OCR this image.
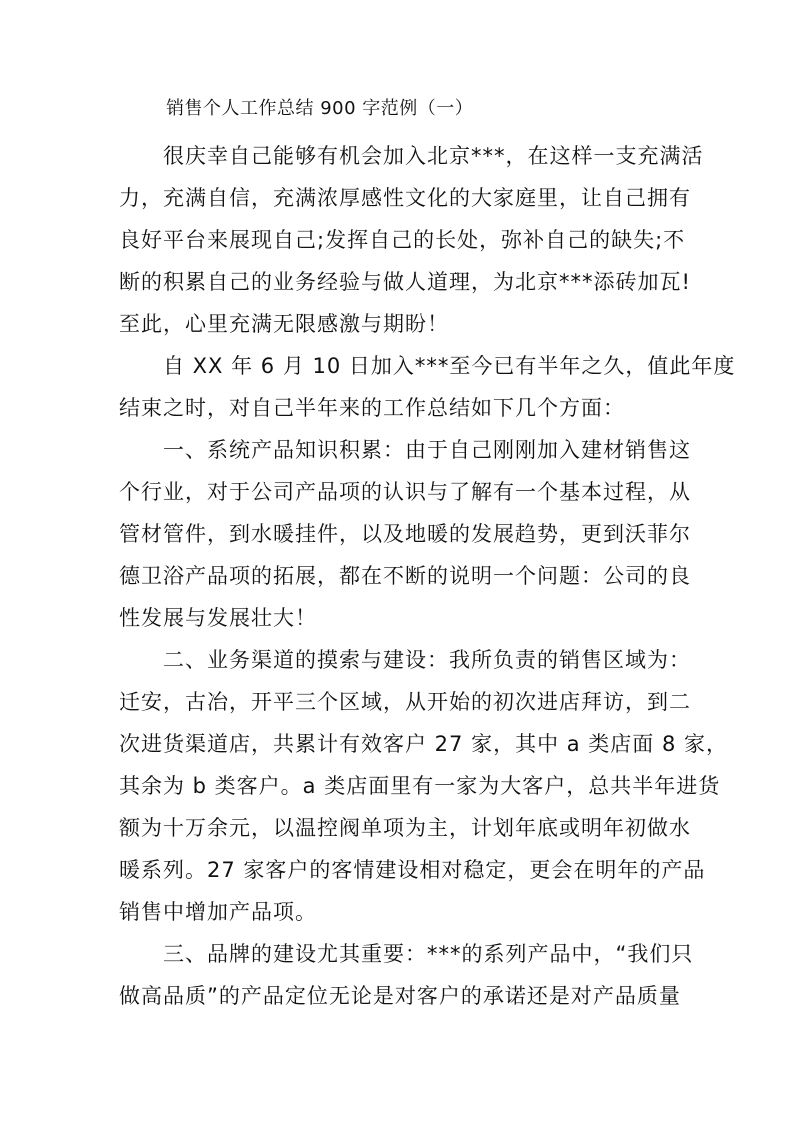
销售个人工作总结 900 字范例（一）
很庆幸自己能够有机会加入北京***，在这样一支充满活
力，充满自信，充满浓厚感性文化的大家庭里，让自己拥有
良好平台来展现自己;发挥自己的长处，弥补自己的缺失;不
断的积累自己的业务经验与做人道理，为北京***添砖加瓦!
至此，心里充满无限感激与期盼！
自 XX 年 6 月 10 日加入***至今已有半年之久，值此年度
结束之时，对自己半年来的工作总结如下几个方面：
一、系统产品知识积累：由于自己刚刚加入建材销售这
个行业，对于公司产品项的认识与了解有一个基本过程，从
管材管件，到水暖挂件，以及地暖的发展趋势，更到沃菲尔
德卫浴产品项的拓展，都在不断的说明一个问题：公司的良
性发展与发展壮大！
二、业务渠道的摸索与建设：我所负责的销售区域为：
迁安，古冶，开平三个区域，从开始的初次进店拜访，到二
次进货渠道店，共累计有效客户 27 家，其中 a 类店面 8 家，
其余为 b 类客户。a 类店面里有一家为大客户，总共半年进货
额为十万余元，以温控阀单项为主，计划年底或明年初做水
暖系列。27 家客户的客情建设相对稳定，更会在明年的产品
销售中增加产品项。
三、品牌的建设尤其重要：***的系列产品中，“我们只
做高品质”的产品定位无论是对客户的承诺还是对产品质量
